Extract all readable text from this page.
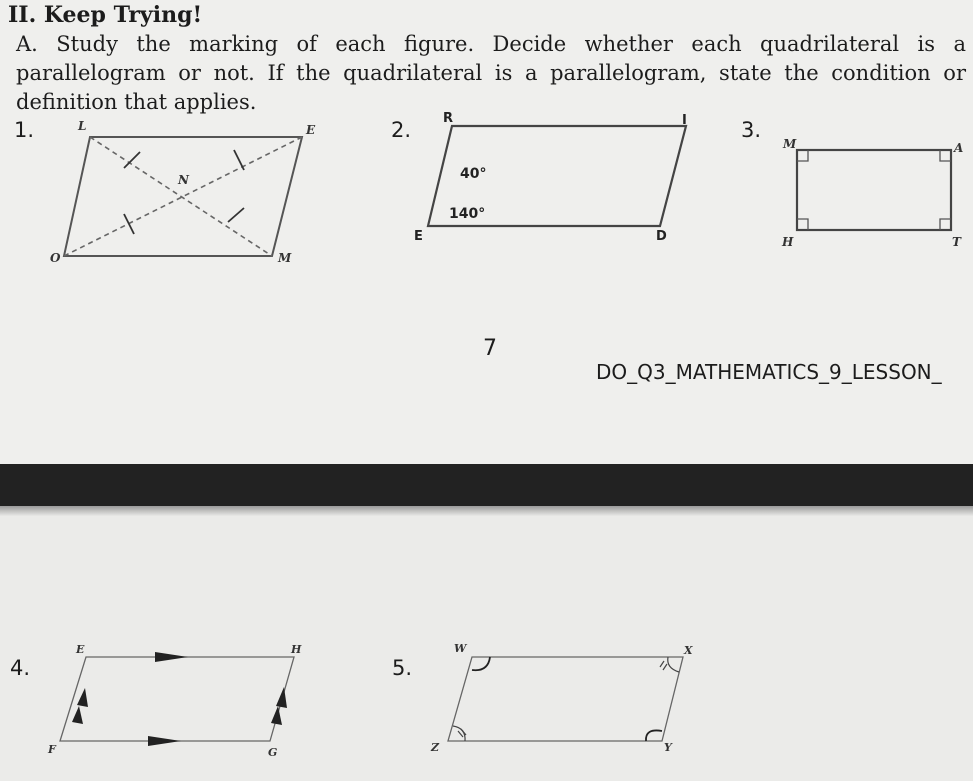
II. Keep Trying!
A. Study the marking of each figure. Decide whether each quadrilateral is a parallelogram or not. If the quadrilateral is a parallelogram, state the condition or definition that applies.
1.	2.	3.
4.	5.
L	E
N
O	M
R	I
E	D
40°
140°
M	A
H	T
E	H
F	G
W	X
Z	Y
7
DO_Q3_MATHEMATICS_9_LESSON_
